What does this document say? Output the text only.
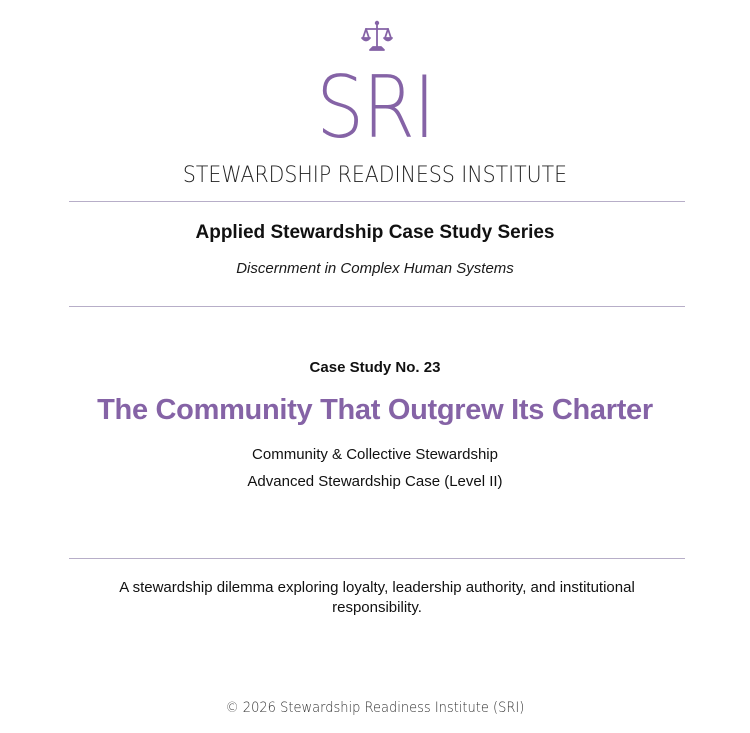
SRI
STEWARDSHIP READINESS INSTITUTE
Applied Stewardship Case Study Series
Discernment in Complex Human Systems
Case Study No. 23
The Community That Outgrew Its Charter
Community & Collective Stewardship
Advanced Stewardship Case (Level II)
A stewardship dilemma exploring loyalty, leadership authority, and institutional responsibility.
© 2026 Stewardship Readiness Institute (SRI)
